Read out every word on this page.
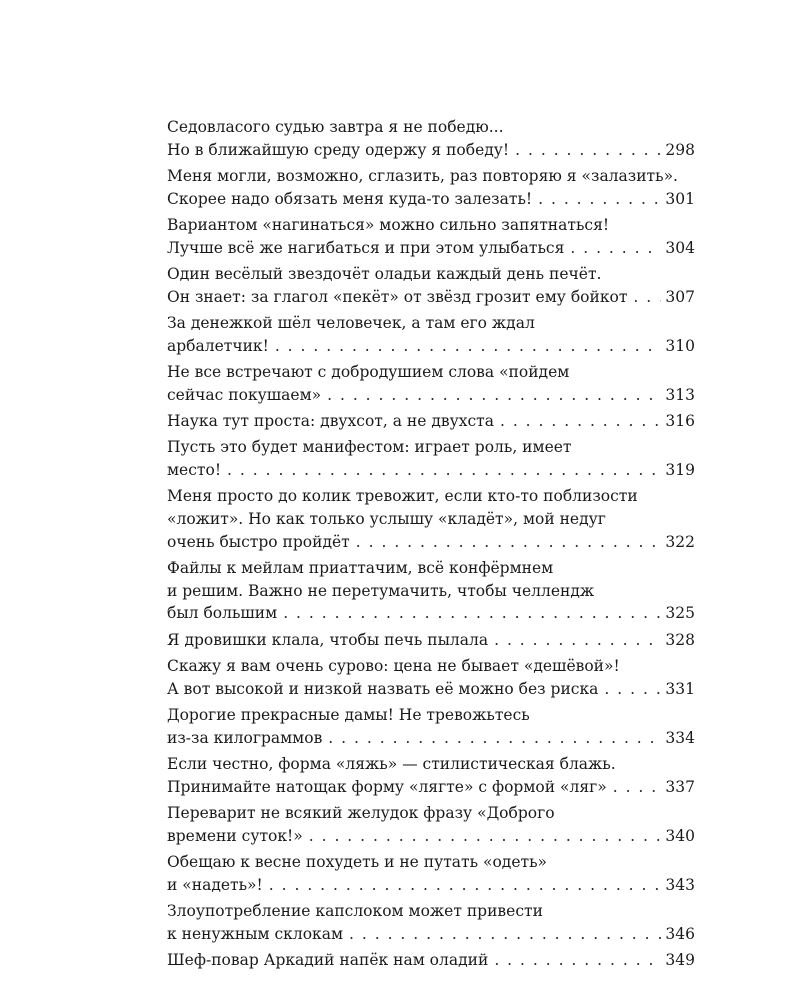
Седовласого судью завтра я не победю...
Но в ближайшую среду одержу я победу! . . .	298
Меня могли, возможно, сглазить, раз повторяю я «залазить».
Скорее надо обязать меня куда-то залезать! . . .	301
Вариантом «нагинаться» можно сильно запятнаться!
Лучше всё же нагибаться и при этом улыбаться . . .	304
Один весёлый звездочёт оладьи каждый день печёт.
Он знает: за глагол «пекёт» от звёзд грозит ему бойкот . . . 307
За денежкой шёл человечек, а там его ждал
арбалетчик! . . .	310
Не все встречают с добродушием слова «пойдем
сейчас покушаем» . . .	313
Наука тут проста: двухсот, а не двухста . . .	316
Пусть это будет манифестом: играет роль, имеет
место! . . .	319
Меня просто до колик тревожит, если кто-то поблизости
«ложит». Но как только услышу «кладёт», мой недуг
очень быстро пройдёт . . .	322
Файлы к мейлам приаттачим, всё конфёрмнем
и решим. Важно не перетумачить, чтобы челлендж
был большим . . .	325
Я дровишки клала, чтобы печь пылала . . .	328
Скажу я вам очень сурово: цена не бывает «дешёвой»!
А вот высокой и низкой назвать её можно без риска . . .	331
Дорогие прекрасные дамы! Не тревожьтесь
из-за килограммов . . .	334
Если честно, форма «ляжь» — стилистическая блажь.
Принимайте натощак форму «лягте» с формой «ляг» . . .	337
Переварит не всякий желудок фразу «Доброго
времени суток!» . . .	340
Обещаю к весне похудеть и не путать «одеть»
и «надеть»! . . .	343
Злоупотребление капслоком может привести
к ненужным склокам . . .	346
Шеф-повар Аркадий напёк нам оладий . . .	349
